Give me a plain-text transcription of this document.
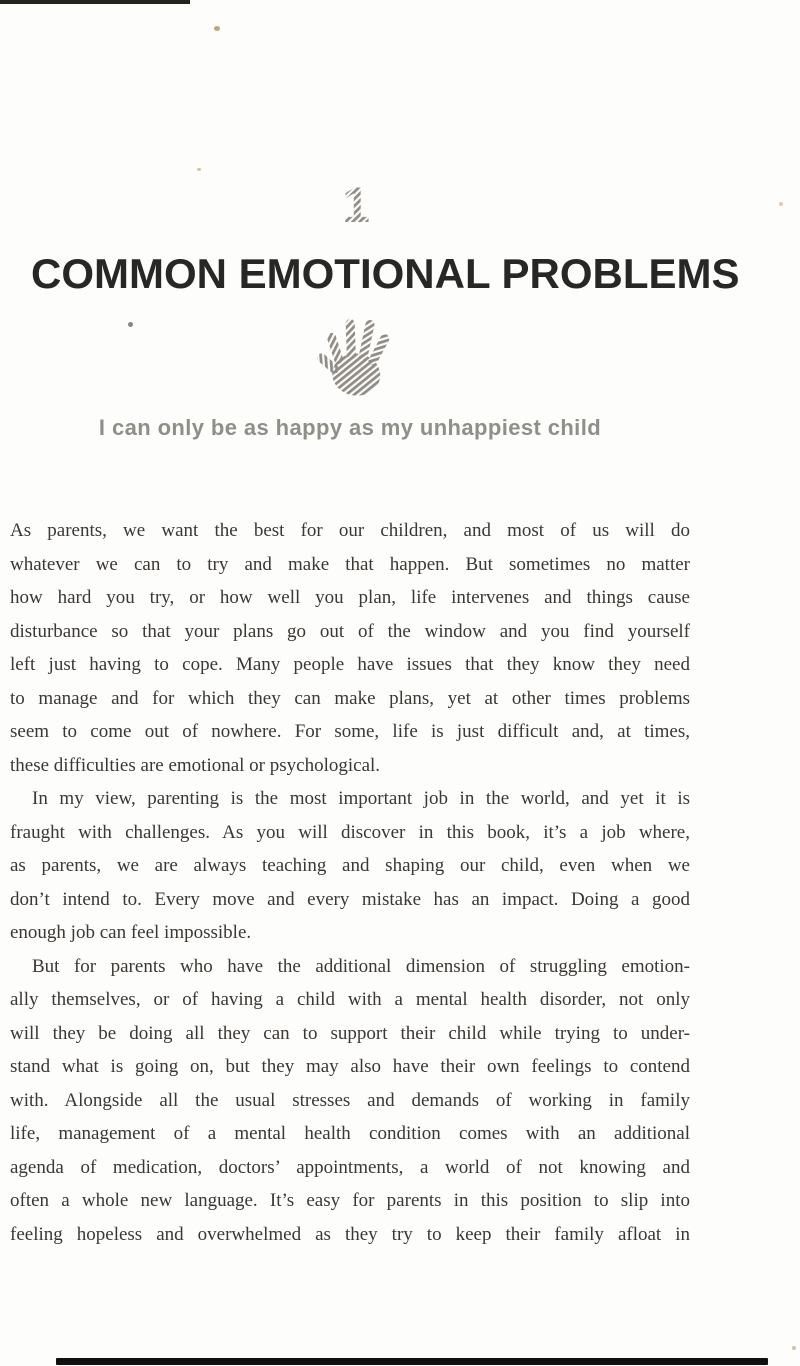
1
COMMON EMOTIONAL PROBLEMS
I can only be as happy as my unhappiest child
As parents, we want the best for our children, and most of us will do
whatever we can to try and make that happen. But sometimes no matter
how hard you try, or how well you plan, life intervenes and things cause
disturbance so that your plans go out of the window and you find yourself
left just having to cope. Many people have issues that they know they need
to manage and for which they can make plans, yet at other times problems
seem to come out of nowhere. For some, life is just difficult and, at times,
these difficulties are emotional or psychological.
In my view, parenting is the most important job in the world, and yet it is
fraught with challenges. As you will discover in this book, it’s a job where,
as parents, we are always teaching and shaping our child, even when we
don’t intend to. Every move and every mistake has an impact. Doing a good
enough job can feel impossible.
But for parents who have the additional dimension of struggling emotion-
ally themselves, or of having a child with a mental health disorder, not only
will they be doing all they can to support their child while trying to under-
stand what is going on, but they may also have their own feelings to contend
with. Alongside all the usual stresses and demands of working in family
life, management of a mental health condition comes with an additional
agenda of medication, doctors’ appointments, a world of not knowing and
often a whole new language. It’s easy for parents in this position to slip into
feeling hopeless and overwhelmed as they try to keep their family afloat in
